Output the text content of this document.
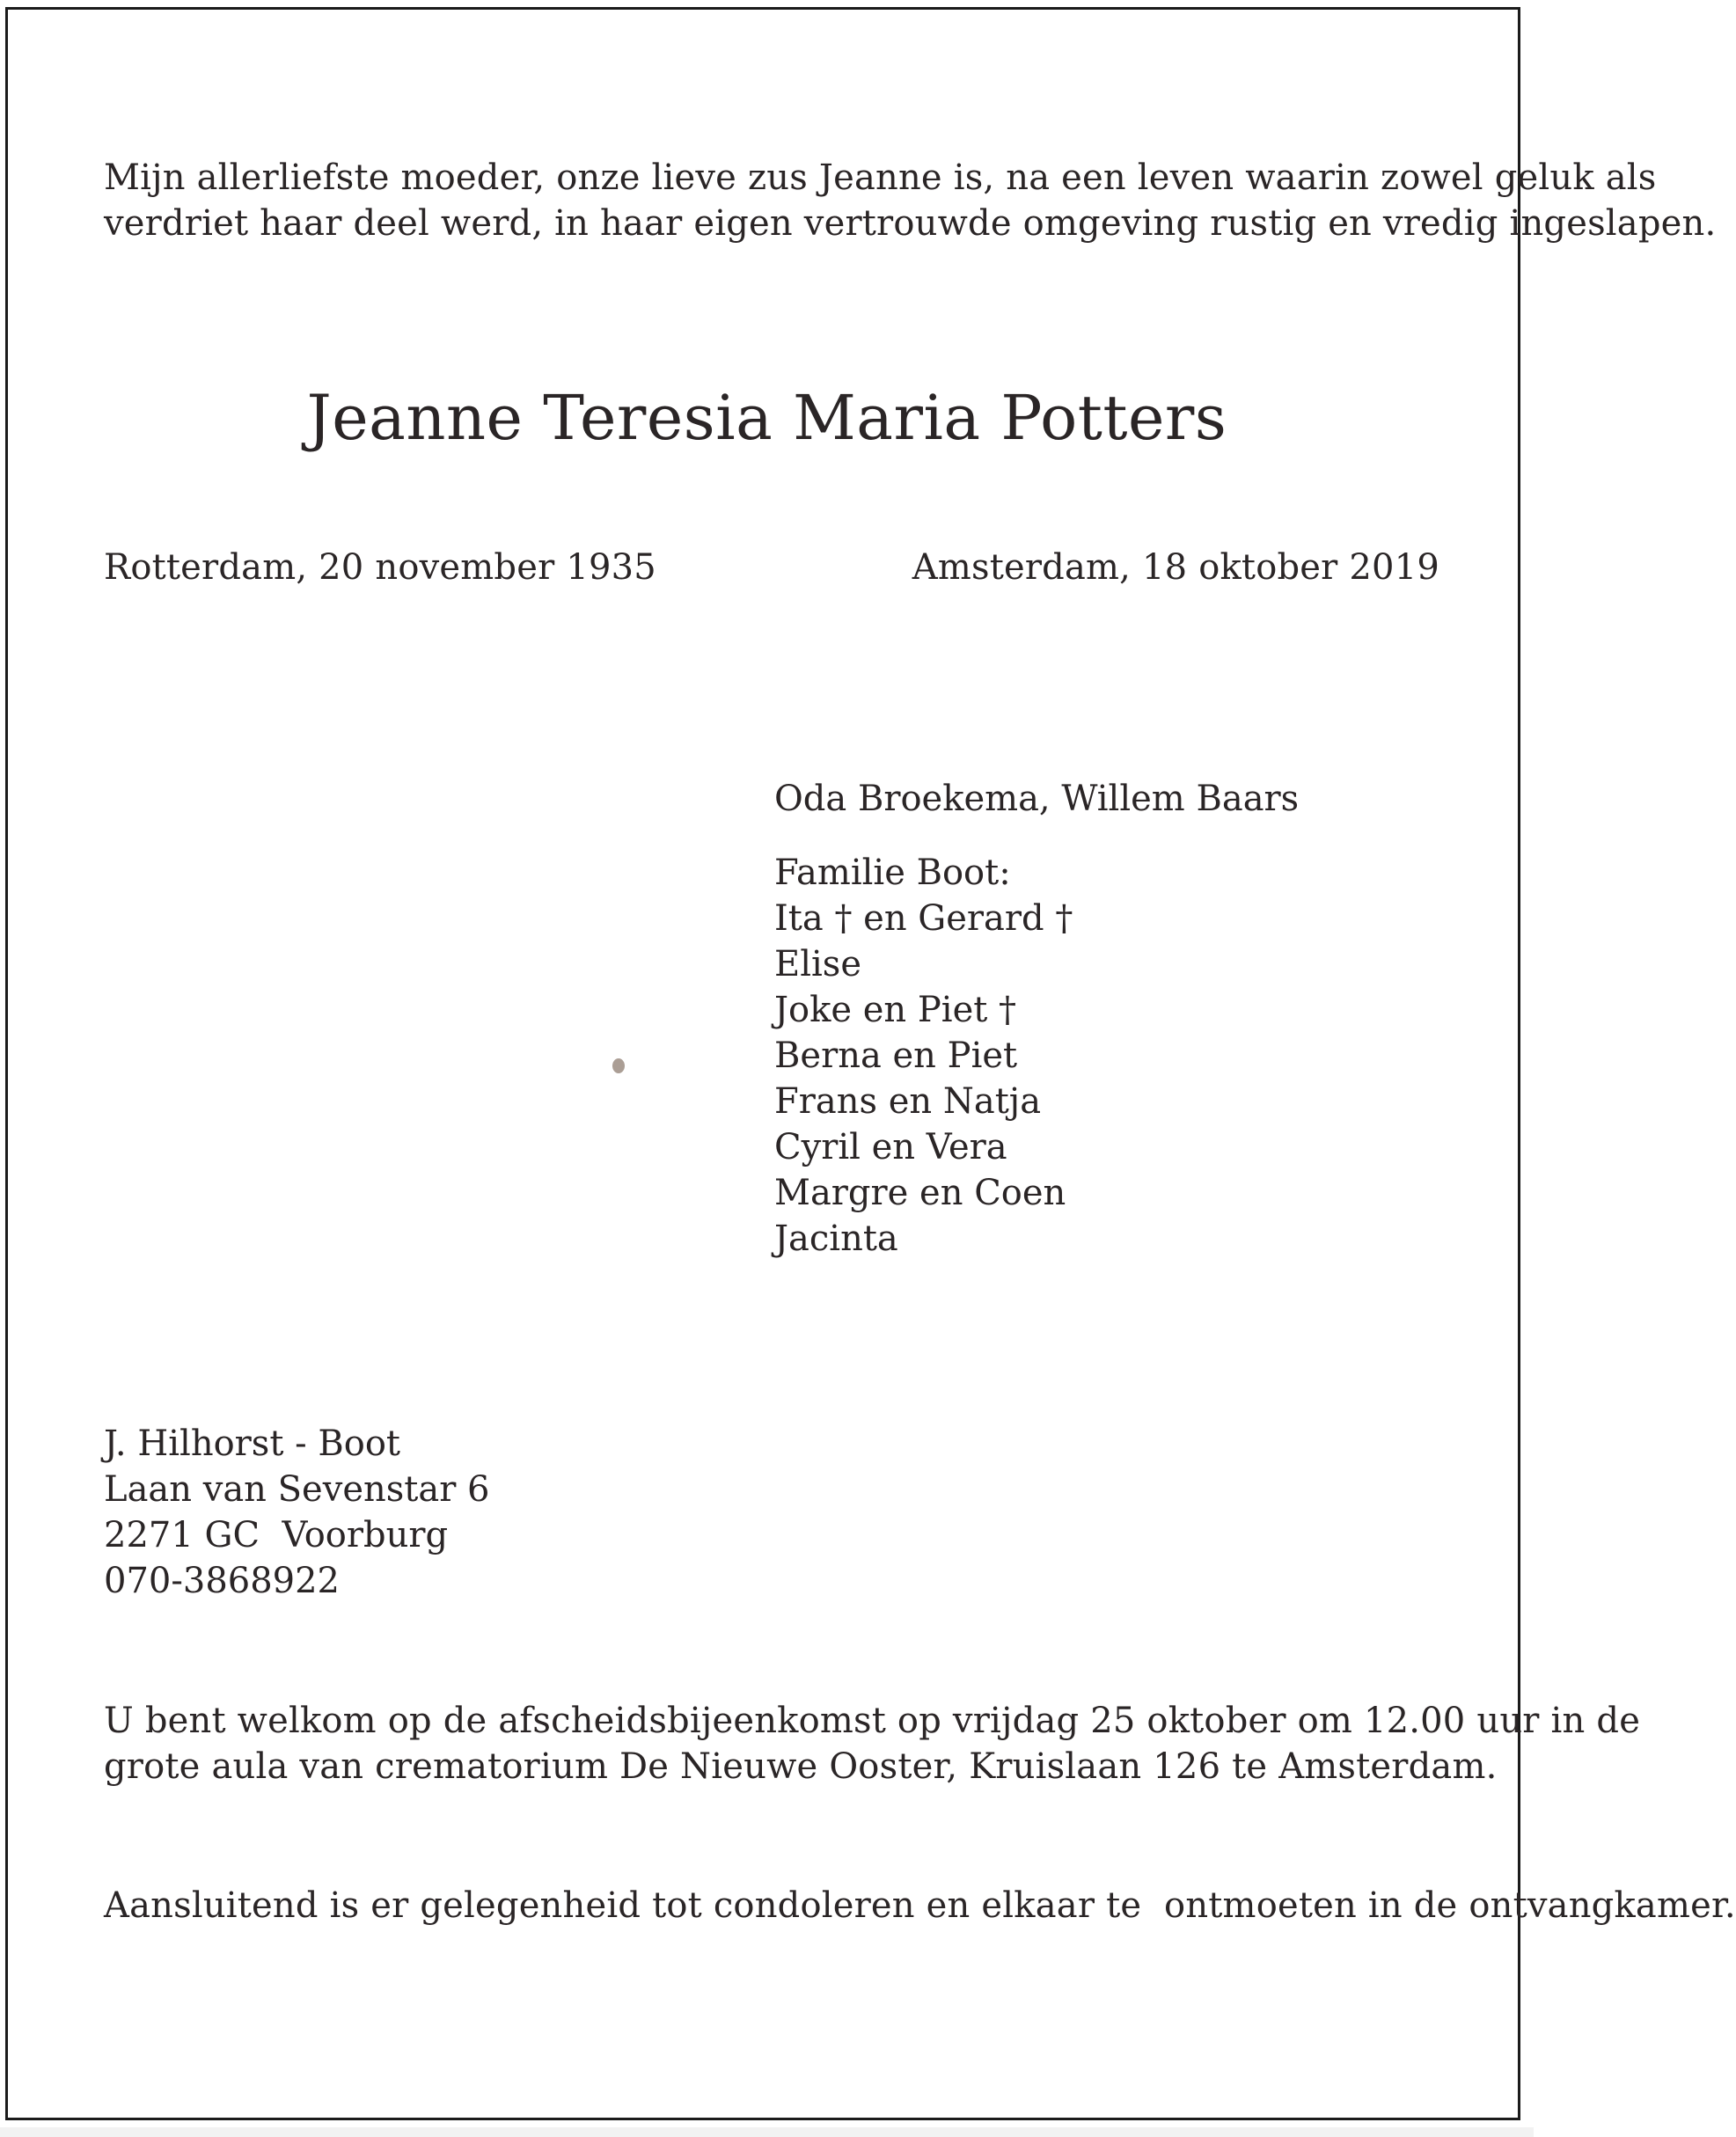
Mijn allerliefste moeder, onze lieve zus Jeanne is, na een leven waarin zowel geluk als
verdriet haar deel werd, in haar eigen vertrouwde omgeving rustig en vredig ingeslapen.

Jeanne Teresia Maria Potters

Rotterdam, 20 november 1935	Amsterdam, 18 oktober 2019

Oda Broekema, Willem Baars
Familie Boot:
Ita † en Gerard †
Elise
Joke en Piet †
Berna en Piet
Frans en Natja
Cyril en Vera
Margre en Coen
Jacinta
J. Hilhorst - Boot
Laan van Sevenstar 6
2271 GC  Voorburg
070-3868922

U bent welkom op de afscheidsbijeenkomst op vrijdag 25 oktober om 12.00 uur in de
grote aula van crematorium De Nieuwe Ooster, Kruislaan 126 te Amsterdam.

Aansluitend is er gelegenheid tot condoleren en elkaar te  ontmoeten in de ontvangkamer.
